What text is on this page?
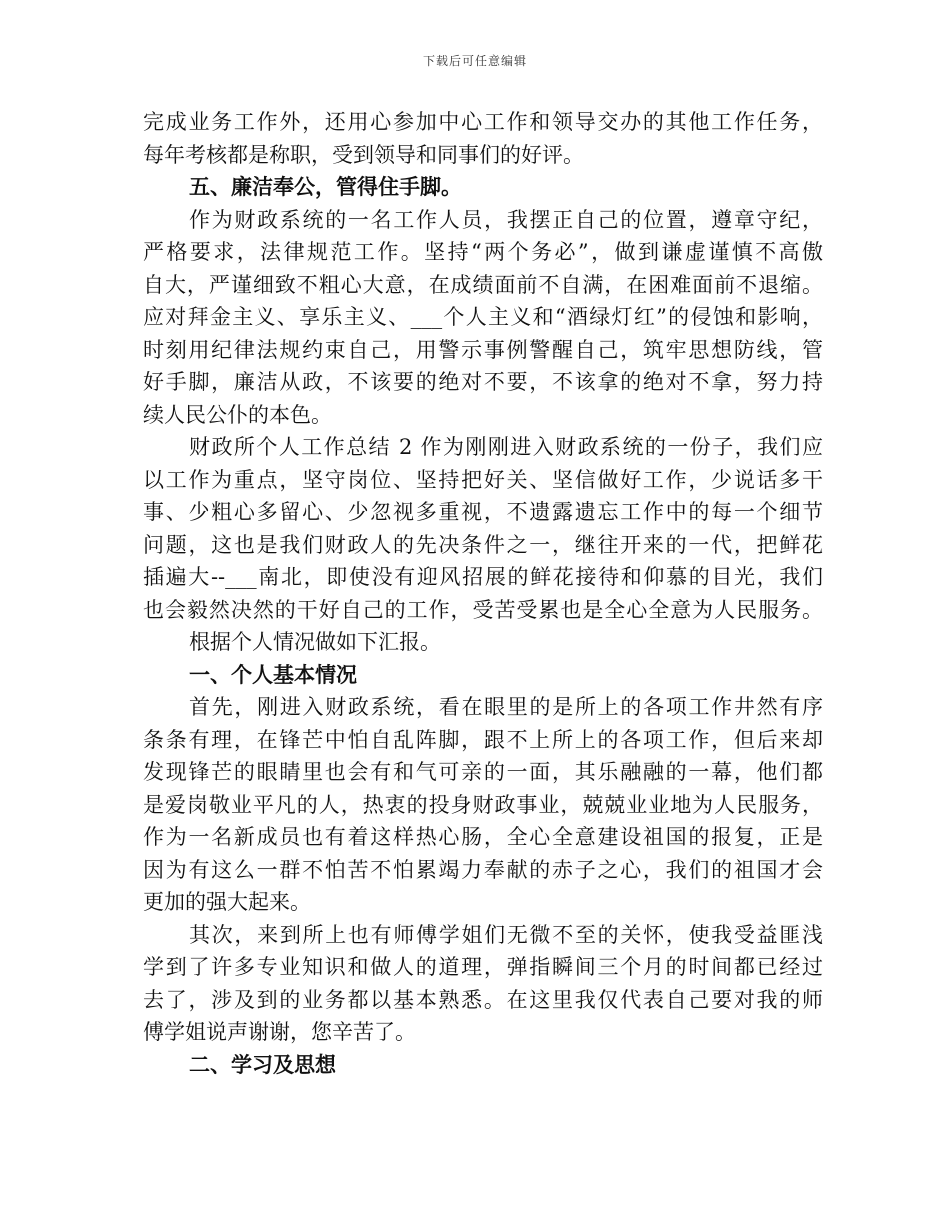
下载后可任意编辑
完成业务工作外，还用心参加中心工作和领导交办的其他工作任务，
每年考核都是称职，受到领导和同事们的好评。
五、廉洁奉公，管得住手脚。
作为财政系统的一名工作人员，我摆正自己的位置，遵章守纪，
严格要求，法律规范工作。坚持“两个务必”，做到谦虚谨慎不高傲
自大，严谨细致不粗心大意，在成绩面前不自满，在困难面前不退缩。
应对拜金主义、享乐主义、___个人主义和“酒绿灯红”的侵蚀和影响，
时刻用纪律法规约束自己，用警示事例警醒自己，筑牢思想防线，管
好手脚，廉洁从政，不该要的绝对不要，不该拿的绝对不拿，努力持
续人民公仆的本色。
财政所个人工作总结 2 作为刚刚进入财政系统的一份子，我们应
以工作为重点，坚守岗位、坚持把好关、坚信做好工作，少说话多干
事、少粗心多留心、少忽视多重视，不遗露遗忘工作中的每一个细节
问题，这也是我们财政人的先决条件之一，继往开来的一代，把鲜花
插遍大--___南北，即使没有迎风招展的鲜花接待和仰慕的目光，我们
也会毅然决然的干好自己的工作，受苦受累也是全心全意为人民服务。
根据个人情况做如下汇报。
一、个人基本情况
首先，刚进入财政系统，看在眼里的是所上的各项工作井然有序
条条有理，在锋芒中怕自乱阵脚，跟不上所上的各项工作，但后来却
发现锋芒的眼睛里也会有和气可亲的一面，其乐融融的一幕，他们都
是爱岗敬业平凡的人，热衷的投身财政事业，兢兢业业地为人民服务，
作为一名新成员也有着这样热心肠，全心全意建设祖国的报复，正是
因为有这么一群不怕苦不怕累竭力奉献的赤子之心，我们的祖国才会
更加的强大起来。
其次，来到所上也有师傅学姐们无微不至的关怀，使我受益匪浅
学到了许多专业知识和做人的道理，弹指瞬间三个月的时间都已经过
去了，涉及到的业务都以基本熟悉。在这里我仅代表自己要对我的师
傅学姐说声谢谢，您辛苦了。
二、学习及思想
